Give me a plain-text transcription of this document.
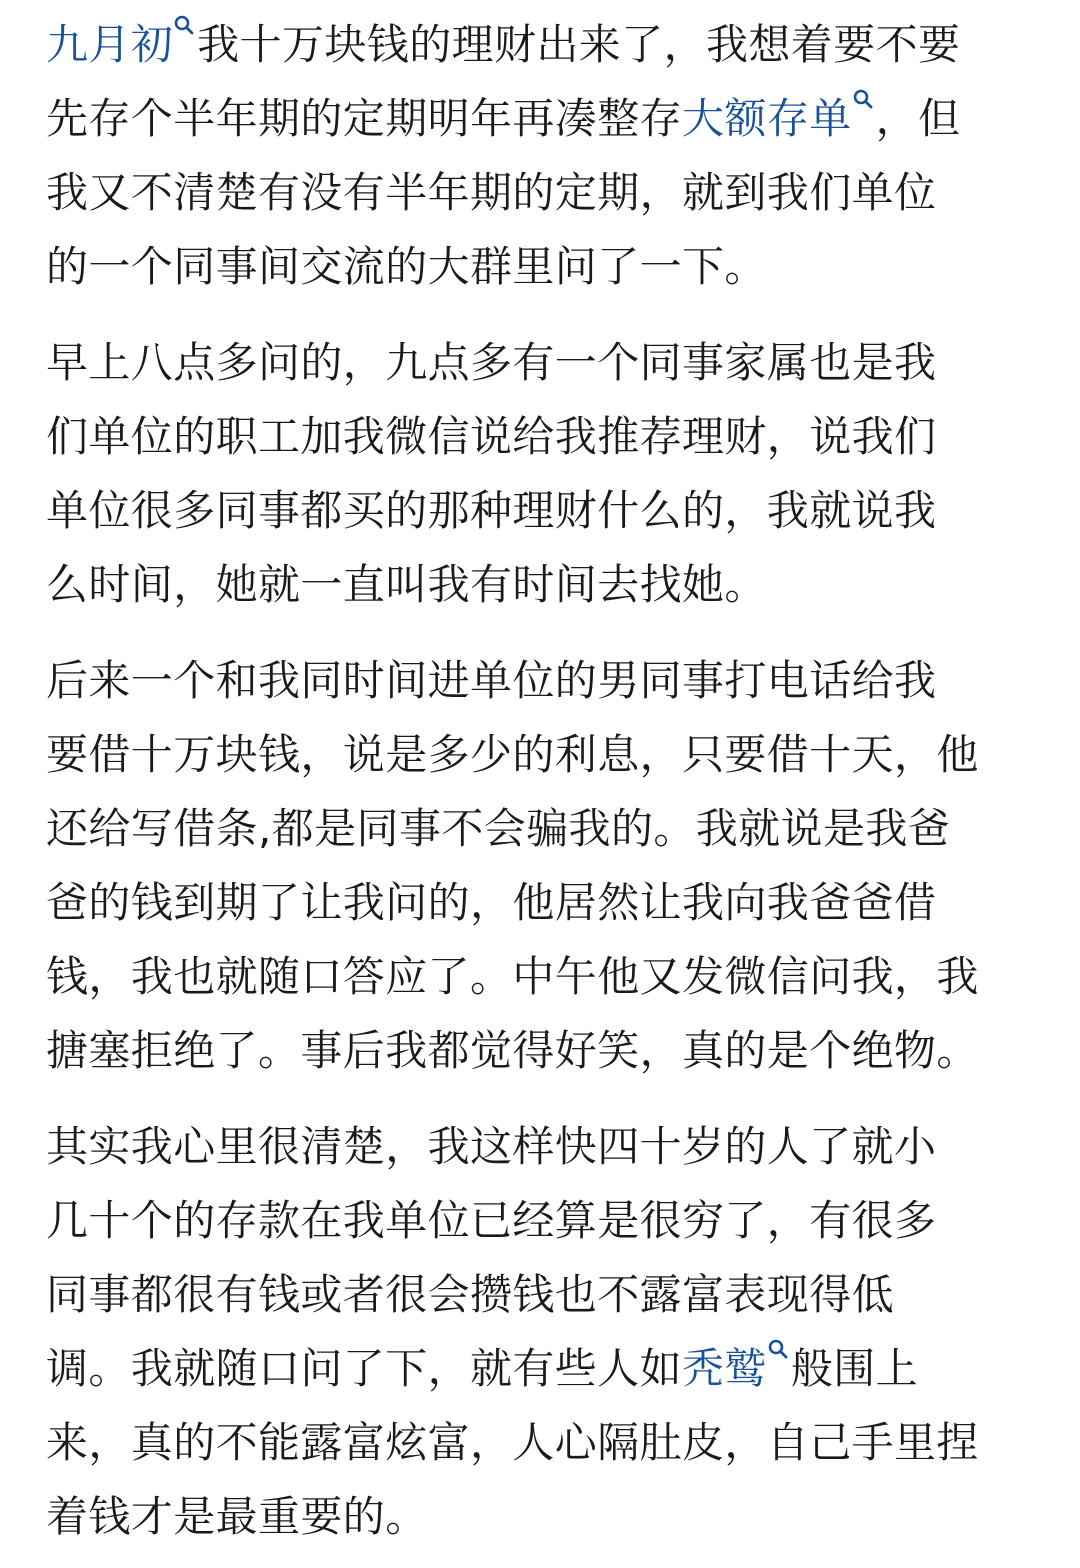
九月初 我十万块钱的理财出来了，我想着要不要
先存个半年期的定期明年再凑整存大额存单 ，但
我又不清楚有没有半年期的定期，就到我们单位
的一个同事间交流的大群里问了一下。
早上八点多问的，九点多有一个同事家属也是我
们单位的职工加我微信说给我推荐理财，说我们
单位很多同事都买的那种理财什么的，我就说我
么时间，她就一直叫我有时间去找她。
后来一个和我同时间进单位的男同事打电话给我
要借十万块钱，说是多少的利息，只要借十天，他
还给写借条,都是同事不会骗我的。我就说是我爸
爸的钱到期了让我问的，他居然让我向我爸爸借
钱，我也就随口答应了。中午他又发微信问我，我
搪塞拒绝了。事后我都觉得好笑，真的是个绝物。
其实我心里很清楚，我这样快四十岁的人了就小
几十个的存款在我单位已经算是很穷了，有很多
同事都很有钱或者很会攒钱也不露富表现得低
调。我就随口问了下，就有些人如秃鹫 般围上
来，真的不能露富炫富，人心隔肚皮，自己手里捏
着钱才是最重要的。
